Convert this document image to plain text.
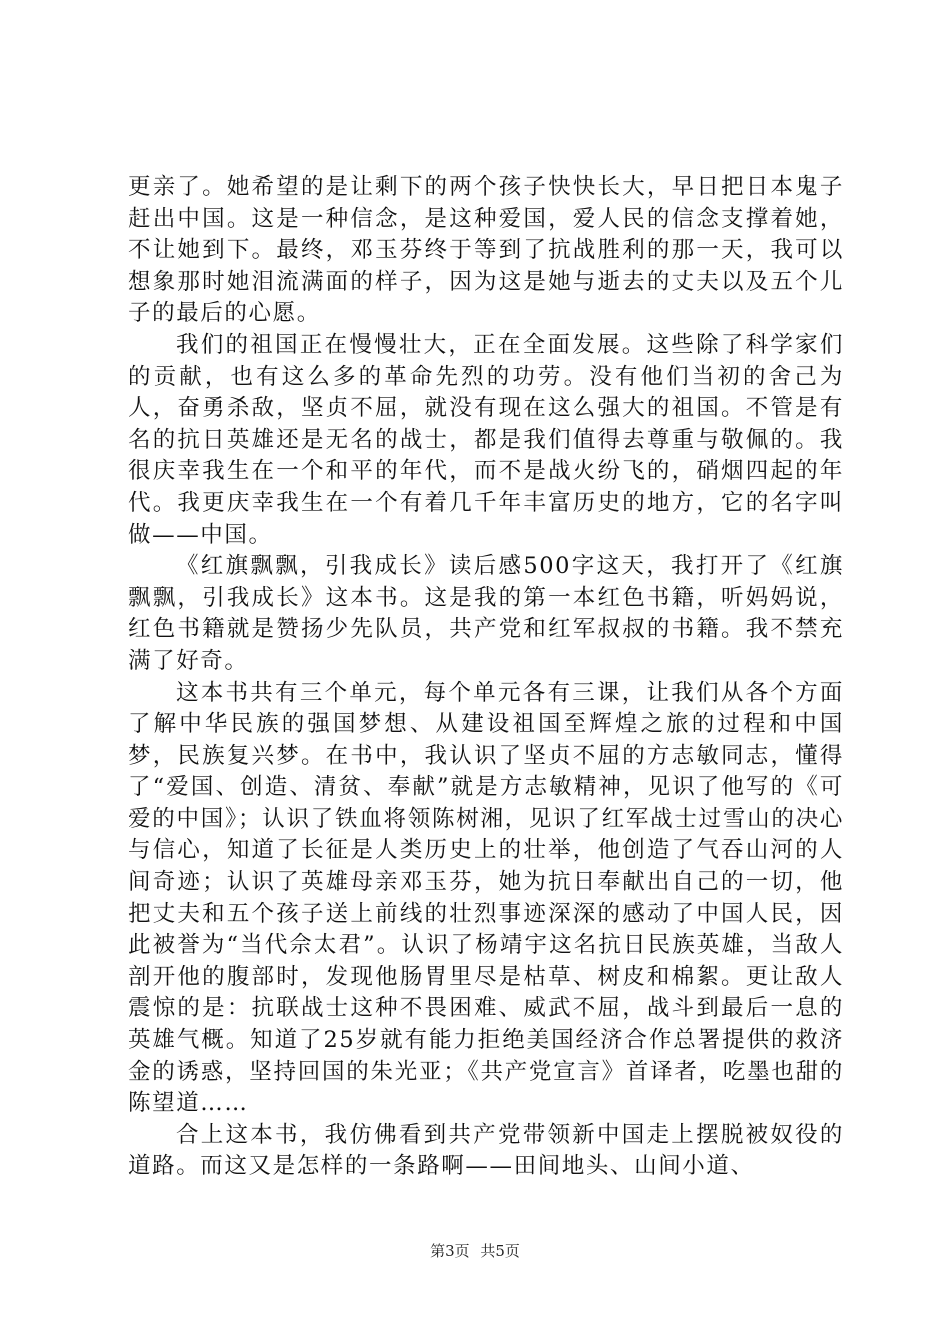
更亲了。她希望的是让剩下的两个孩子快快长大，早日把日本鬼子赶出中国。这是一种信念，是这种爱国，爱人民的信念支撑着她，不让她到下。最终，邓玉芬终于等到了抗战胜利的那一天，我可以想象那时她泪流满面的样子，因为这是她与逝去的丈夫以及五个儿子的最后的心愿。

我们的祖国正在慢慢壮大，正在全面发展。这些除了科学家们的贡献，也有这么多的革命先烈的功劳。没有他们当初的舍己为人，奋勇杀敌，坚贞不屈，就没有现在这么强大的祖国。不管是有名的抗日英雄还是无名的战士，都是我们值得去尊重与敬佩的。我很庆幸我生在一个和平的年代，而不是战火纷飞的，硝烟四起的年代。我更庆幸我生在一个有着几千年丰富历史的地方，它的名字叫做——中国。

《红旗飘飘，引我成长》读后感500字这天，我打开了《红旗飘飘，引我成长》这本书。这是我的第一本红色书籍，听妈妈说，红色书籍就是赞扬少先队员，共产党和红军叔叔的书籍。我不禁充满了好奇。

这本书共有三个单元，每个单元各有三课，让我们从各个方面了解中华民族的强国梦想、从建设祖国至辉煌之旅的过程和中国梦，民族复兴梦。在书中，我认识了坚贞不屈的方志敏同志，懂得了“爱国、创造、清贫、奉献”就是方志敏精神，见识了他写的《可爱的中国》；认识了铁血将领陈树湘，见识了红军战士过雪山的决心与信心，知道了长征是人类历史上的壮举，他创造了气吞山河的人间奇迹；认识了英雄母亲邓玉芬，她为抗日奉献出自己的一切，他把丈夫和五个孩子送上前线的壮烈事迹深深的感动了中国人民，因此被誉为“当代佘太君”。认识了杨靖宇这名抗日民族英雄，当敌人剖开他的腹部时，发现他肠胃里尽是枯草、树皮和棉絮。更让敌人震惊的是：抗联战士这种不畏困难、威武不屈，战斗到最后一息的英雄气概。知道了25岁就有能力拒绝美国经济合作总署提供的救济金的诱惑，坚持回国的朱光亚；《共产党宣言》首译者，吃墨也甜的陈望道……

合上这本书，我仿佛看到共产党带领新中国走上摆脱被奴役的道路。而这又是怎样的一条路啊——田间地头、山间小道、

第3页 共5页
